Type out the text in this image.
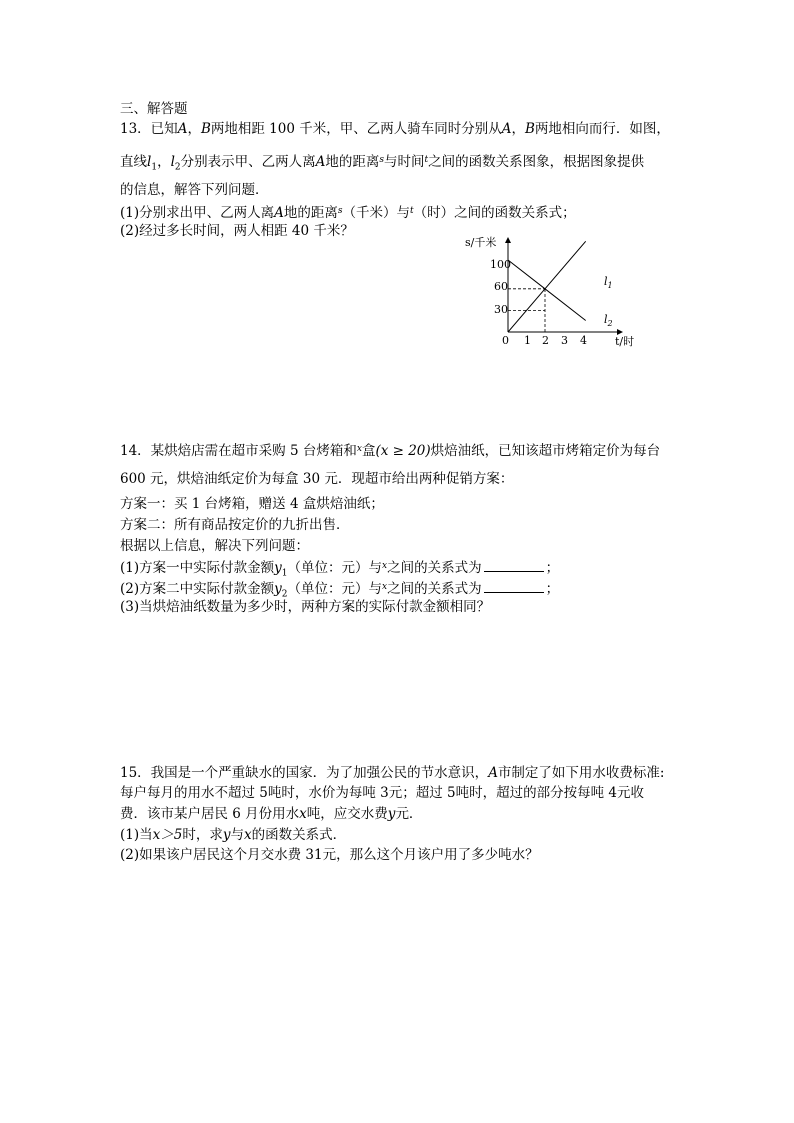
三、解答题
13．已知A，B两地相距 100 千米，甲、乙两人骑车同时分别从A，B两地相向而行．如图，
直线$l_1$，$l_2$分别表示甲、乙两人离A地的距离$^s$与时间$^t$之间的函数关系图象，根据图象提供
的信息，解答下列问题．
(1)分别求出甲、乙两人离A地的距离$^s$（千米）与$^t$（时）之间的函数关系式；
(2)经过多长时间，两人相距 40 千米？
s/千米
t/时
100
60
30
0 1 2 3 4
$l_1$
$l_2$
14．某烘焙店需在超市采购 5 台烤箱和$^x$盒(x ≥ 20)烘焙油纸，已知该超市烤箱定价为每台
600 元，烘焙油纸定价为每盒 30 元．现超市给出两种促销方案：
方案一：买 1 台烤箱，赠送 4 盒烘焙油纸；
方案二：所有商品按定价的九折出售．
根据以上信息，解决下列问题：
(1)方案一中实际付款金额$y_1$（单位：元）与$^x$之间的关系式为	；
(2)方案二中实际付款金额$y_2$（单位：元）与$^x$之间的关系式为	；
(3)当烘焙油纸数量为多少时，两种方案的实际付款金额相同？
15．我国是一个严重缺水的国家．为了加强公民的节水意识，A市制定了如下用水收费标准:
每户每月的用水不超过 5吨时，水价为每吨 3元；超过 5吨时，超过的部分按每吨 4元收
费．该市某户居民 6 月份用水x吨，应交水费y元．
(1)当x＞5时，求y与x的函数关系式．
(2)如果该户居民这个月交水费 31元，那么这个月该户用了多少吨水？
